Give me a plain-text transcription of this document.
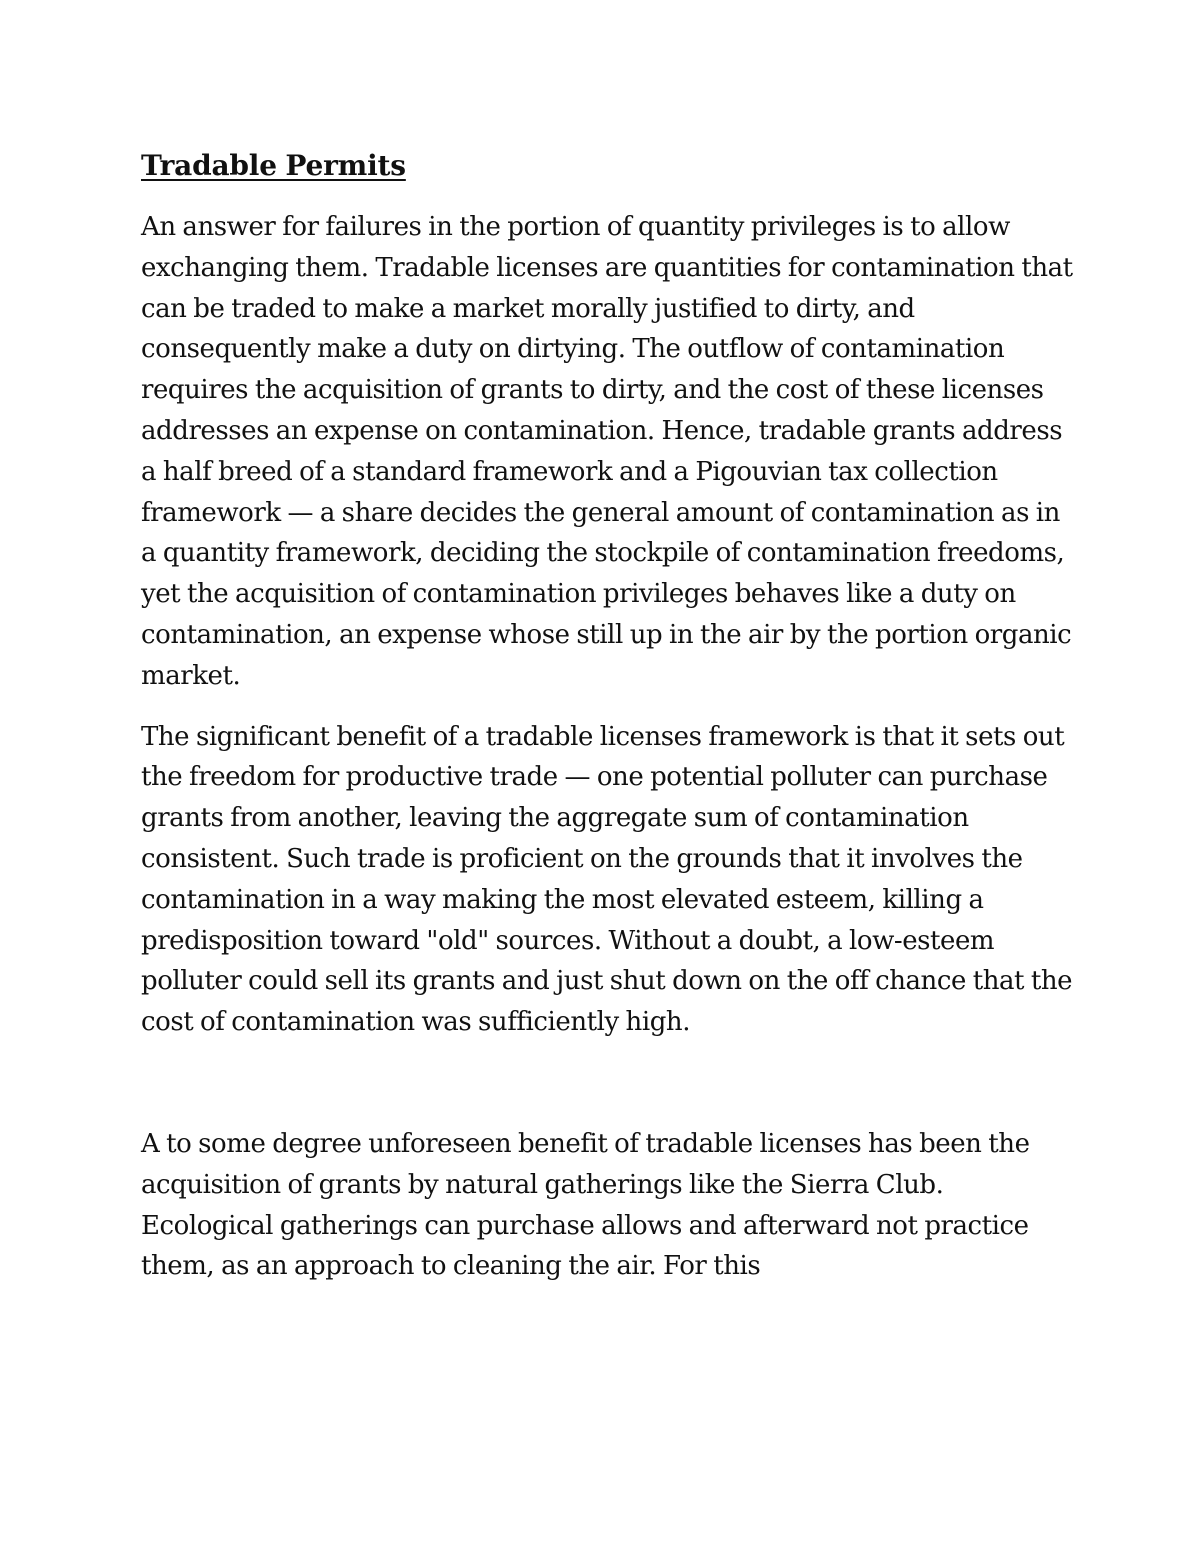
Tradable Permits

An answer for failures in the portion of quantity privileges is to allow exchanging them. Tradable licenses are quantities for contamination that can be traded to make a market morally justified to dirty, and consequently make a duty on dirtying. The outflow of contamination requires the acquisition of grants to dirty, and the cost of these licenses addresses an expense on contamination. Hence, tradable grants address a half breed of a standard framework and a Pigouvian tax collection framework — a share decides the general amount of contamination as in a quantity framework, deciding the stockpile of contamination freedoms, yet the acquisition of contamination privileges behaves like a duty on contamination, an expense whose still up in the air by the portion organic market.

The significant benefit of a tradable licenses framework is that it sets out the freedom for productive trade — one potential polluter can purchase grants from another, leaving the aggregate sum of contamination consistent. Such trade is proficient on the grounds that it involves the contamination in a way making the most elevated esteem, killing a predisposition toward "old" sources. Without a doubt, a low-esteem polluter could sell its grants and just shut down on the off chance that the cost of contamination was sufficiently high.

A to some degree unforeseen benefit of tradable licenses has been the acquisition of grants by natural gatherings like the Sierra Club. Ecological gatherings can purchase allows and afterward not practice them, as an approach to cleaning the air. For this
